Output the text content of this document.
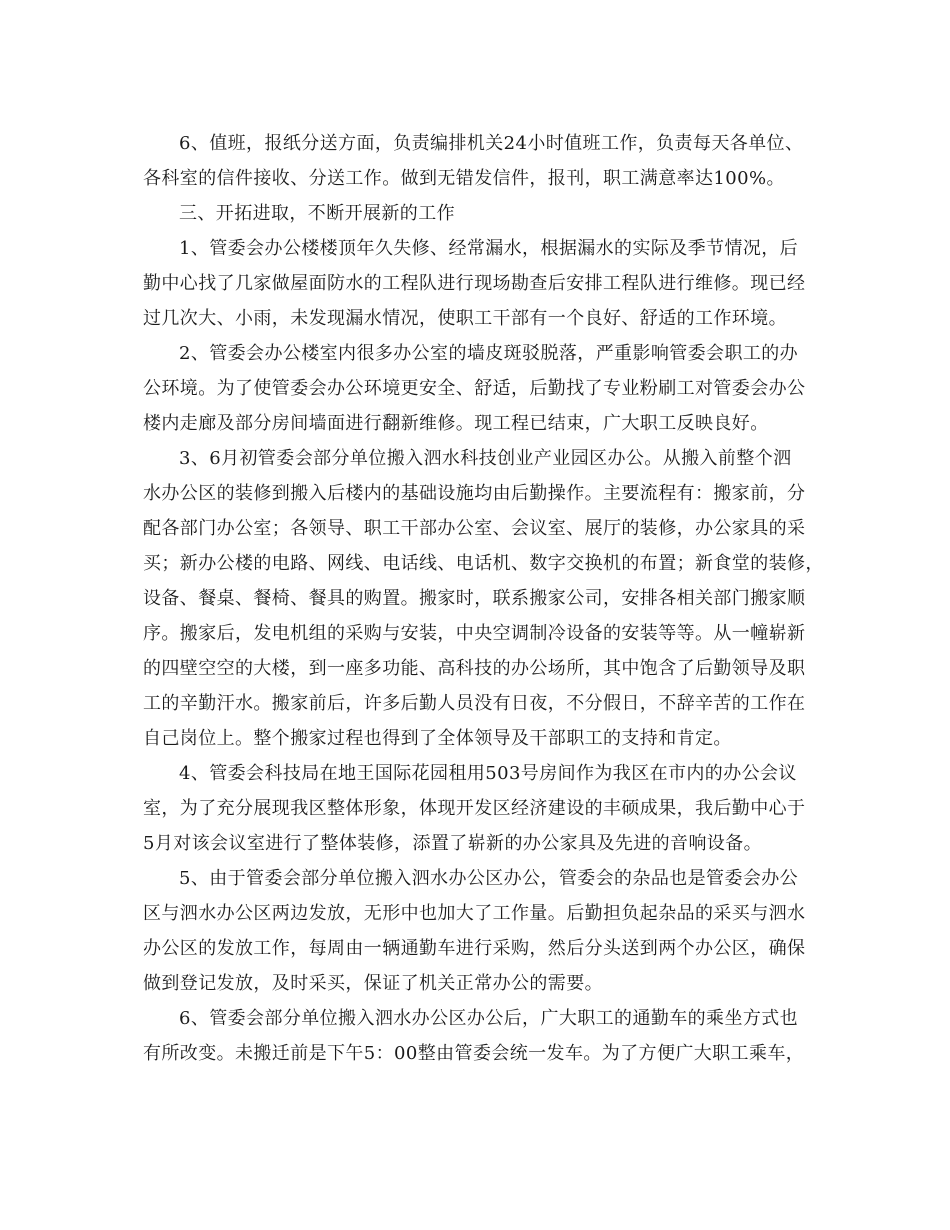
6、值班，报纸分送方面，负责编排机关24小时值班工作，负责每天各单位、
各科室的信件接收、分送工作。做到无错发信件，报刊，职工满意率达100%。
三、开拓进取，不断开展新的工作
1、管委会办公楼楼顶年久失修、经常漏水，根据漏水的实际及季节情况，后
勤中心找了几家做屋面防水的工程队进行现场勘查后安排工程队进行维修。现已经
过几次大、小雨，未发现漏水情况，使职工干部有一个良好、舒适的工作环境。
2、管委会办公楼室内很多办公室的墙皮斑驳脱落，严重影响管委会职工的办
公环境。为了使管委会办公环境更安全、舒适，后勤找了专业粉刷工对管委会办公
楼内走廊及部分房间墙面进行翻新维修。现工程已结束，广大职工反映良好。
3、6月初管委会部分单位搬入泗水科技创业产业园区办公。从搬入前整个泗
水办公区的装修到搬入后楼内的基础设施均由后勤操作。主要流程有：搬家前，分
配各部门办公室；各领导、职工干部办公室、会议室、展厅的装修，办公家具的采
买；新办公楼的电路、网线、电话线、电话机、数字交换机的布置；新食堂的装修，
设备、餐桌、餐椅、餐具的购置。搬家时，联系搬家公司，安排各相关部门搬家顺
序。搬家后，发电机组的采购与安装，中央空调制冷设备的安装等等。从一幢崭新
的四壁空空的大楼，到一座多功能、高科技的办公场所，其中饱含了后勤领导及职
工的辛勤汗水。搬家前后，许多后勤人员没有日夜，不分假日，不辞辛苦的工作在
自己岗位上。整个搬家过程也得到了全体领导及干部职工的支持和肯定。
4、管委会科技局在地王国际花园租用503号房间作为我区在市内的办公会议
室，为了充分展现我区整体形象，体现开发区经济建设的丰硕成果，我后勤中心于
5月对该会议室进行了整体装修，添置了崭新的办公家具及先进的音响设备。
5、由于管委会部分单位搬入泗水办公区办公，管委会的杂品也是管委会办公
区与泗水办公区两边发放，无形中也加大了工作量。后勤担负起杂品的采买与泗水
办公区的发放工作，每周由一辆通勤车进行采购，然后分头送到两个办公区，确保
做到登记发放，及时采买，保证了机关正常办公的需要。
6、管委会部分单位搬入泗水办公区办公后，广大职工的通勤车的乘坐方式也
有所改变。未搬迁前是下午5：00整由管委会统一发车。为了方便广大职工乘车，
